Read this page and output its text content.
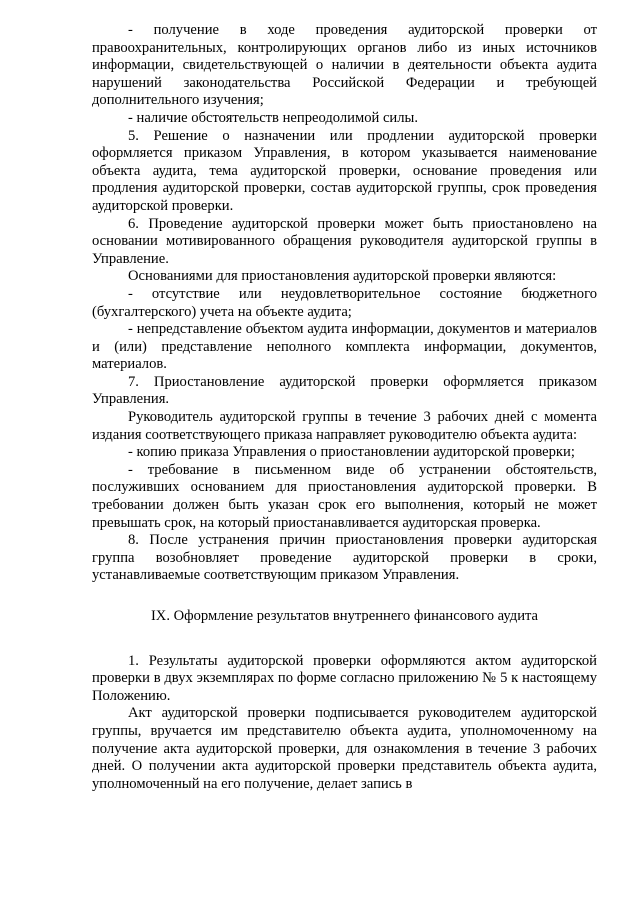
- получение в ходе проведения аудиторской проверки от правоохранительных, контролирующих органов либо из иных источников информации, свидетельствующей о наличии в деятельности объекта аудита нарушений законодательства Российской Федерации и требующей дополнительного изучения;

- наличие обстоятельств непреодолимой силы.

5. Решение о назначении или продлении аудиторской проверки оформляется приказом Управления, в котором указывается наименование объекта аудита, тема аудиторской проверки, основание проведения или продления аудиторской проверки, состав аудиторской группы, срок проведения аудиторской проверки.

6. Проведение аудиторской проверки может быть приостановлено на основании мотивированного обращения руководителя аудиторской группы в Управление.

Основаниями для приостановления аудиторской проверки являются:

- отсутствие или неудовлетворительное состояние бюджетного (бухгалтерского) учета на объекте аудита;

- непредставление объектом аудита информации, документов и материалов и (или) представление неполного комплекта информации, документов, материалов.

7. Приостановление аудиторской проверки оформляется приказом Управления.

Руководитель аудиторской группы в течение 3 рабочих дней с момента издания соответствующего приказа направляет руководителю объекта аудита:

- копию приказа Управления о приостановлении аудиторской проверки;

- требование в письменном виде об устранении обстоятельств, послуживших основанием для приостановления аудиторской проверки. В требовании должен быть указан срок его выполнения, который не может превышать срок, на который приостанавливается аудиторская проверка.

8. После устранения причин приостановления проверки аудиторская группа возобновляет проведение аудиторской проверки в сроки, устанавливаемые соответствующим приказом Управления.

IX. Оформление результатов внутреннего финансового аудита

1. Результаты аудиторской проверки оформляются актом аудиторской проверки в двух экземплярах по форме согласно приложению № 5 к настоящему Положению.

Акт аудиторской проверки подписывается руководителем аудиторской группы, вручается им представителю объекта аудита, уполномоченному на получение акта аудиторской проверки, для ознакомления в течение 3 рабочих дней. О получении акта аудиторской проверки представитель объекта аудита, уполномоченный на его получение, делает запись в
